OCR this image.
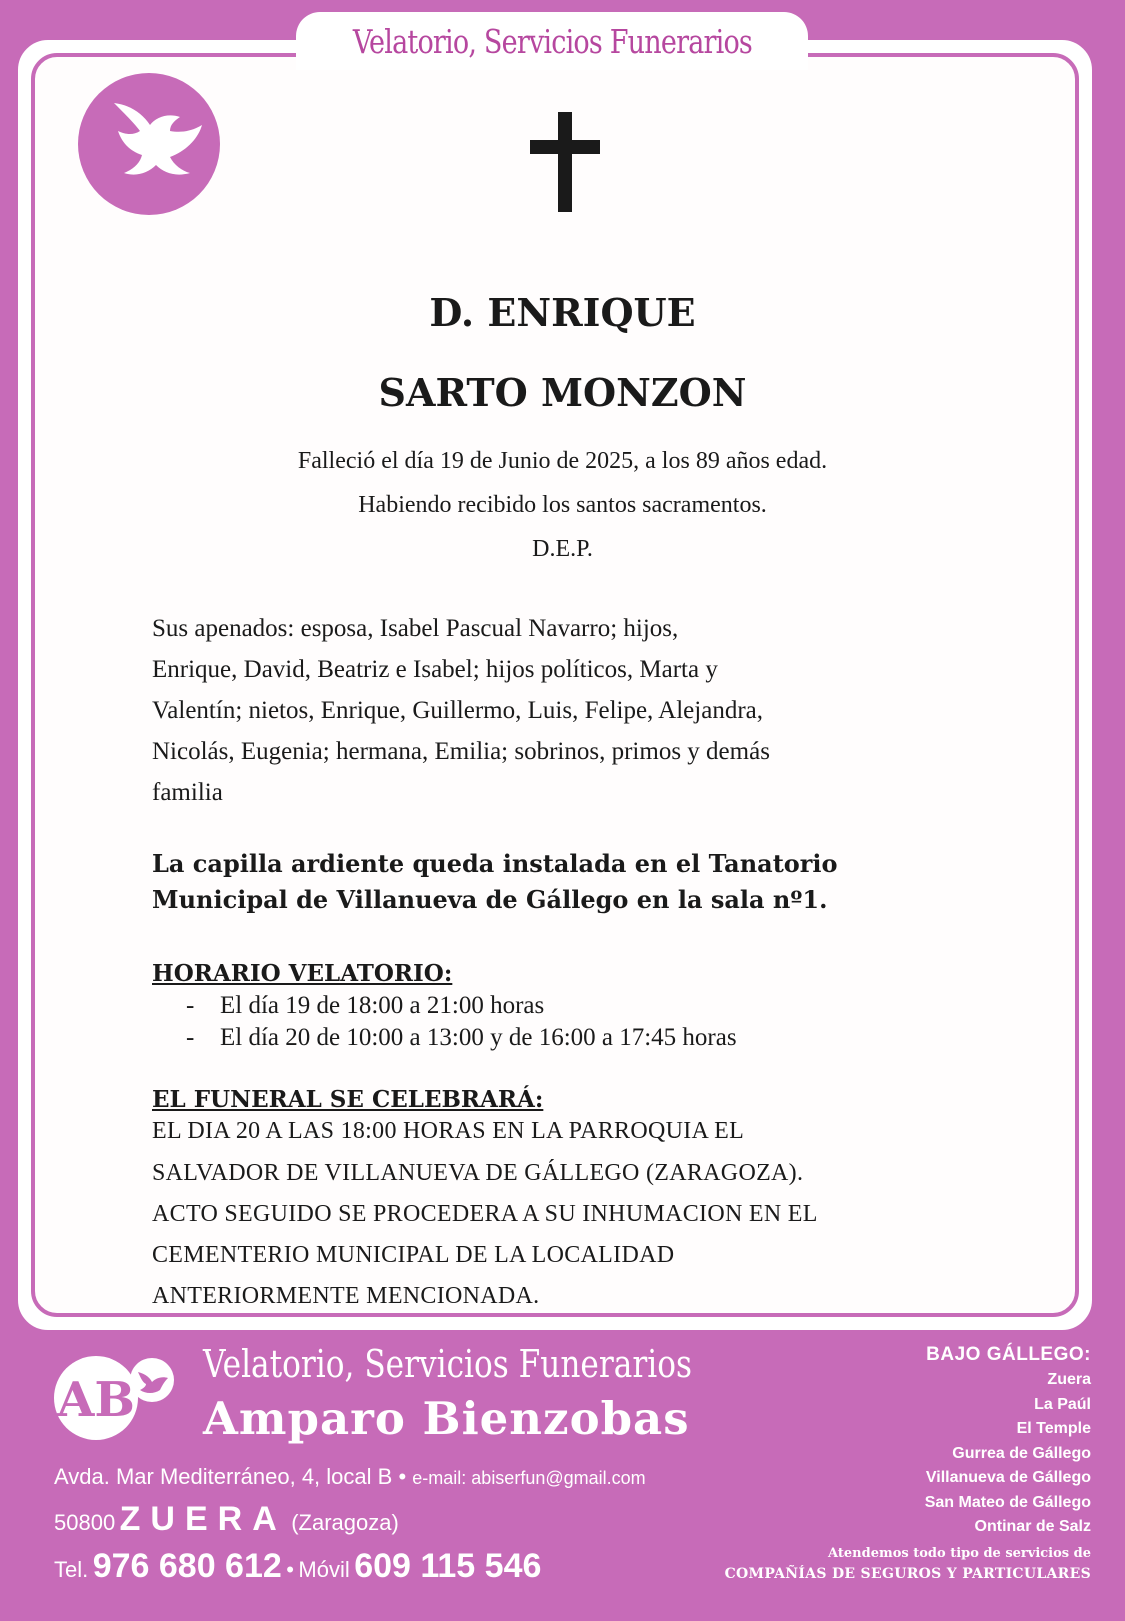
Velatorio, Servicios Funerarios
D. ENRIQUE
SARTO MONZON
Falleció el día 19 de Junio de 2025, a los 89 años edad.
Habiendo recibido los santos sacramentos.
D.E.P.
Sus apenados: esposa, Isabel Pascual Navarro; hijos,
Enrique, David, Beatriz e Isabel; hijos políticos, Marta y
Valentín; nietos, Enrique, Guillermo, Luis, Felipe, Alejandra,
Nicolás, Eugenia; hermana, Emilia; sobrinos, primos y demás
familia
La capilla ardiente queda instalada en el Tanatorio
Municipal de Villanueva de Gállego en la sala nº1.
HORARIO VELATORIO:
- El día 19 de 18:00 a 21:00 horas
- El día 20 de 10:00 a 13:00 y de 16:00 a 17:45 horas
EL FUNERAL SE CELEBRARÁ:
EL DIA 20 A LAS 18:00 HORAS EN LA PARROQUIA EL
SALVADOR DE VILLANUEVA DE GÁLLEGO (ZARAGOZA).
ACTO SEGUIDO SE PROCEDERA A SU INHUMACION EN EL
CEMENTERIO MUNICIPAL DE LA LOCALIDAD
ANTERIORMENTE MENCIONADA.
AB
Velatorio, Servicios Funerarios
Amparo Bienzobas
Avda. Mar Mediterráneo, 4, local B • e-mail: abiserfun@gmail.com
50800 ZUERA (Zaragoza)
Tel. 976 680 612 • Móvil 609 115 546
BAJO GÁLLEGO:
Zuera
La Paúl
El Temple
Gurrea de Gállego
Villanueva de Gállego
San Mateo de Gállego
Ontinar de Salz
Atendemos todo tipo de servicios de
COMPAÑÍAS DE SEGUROS Y PARTICULARES
